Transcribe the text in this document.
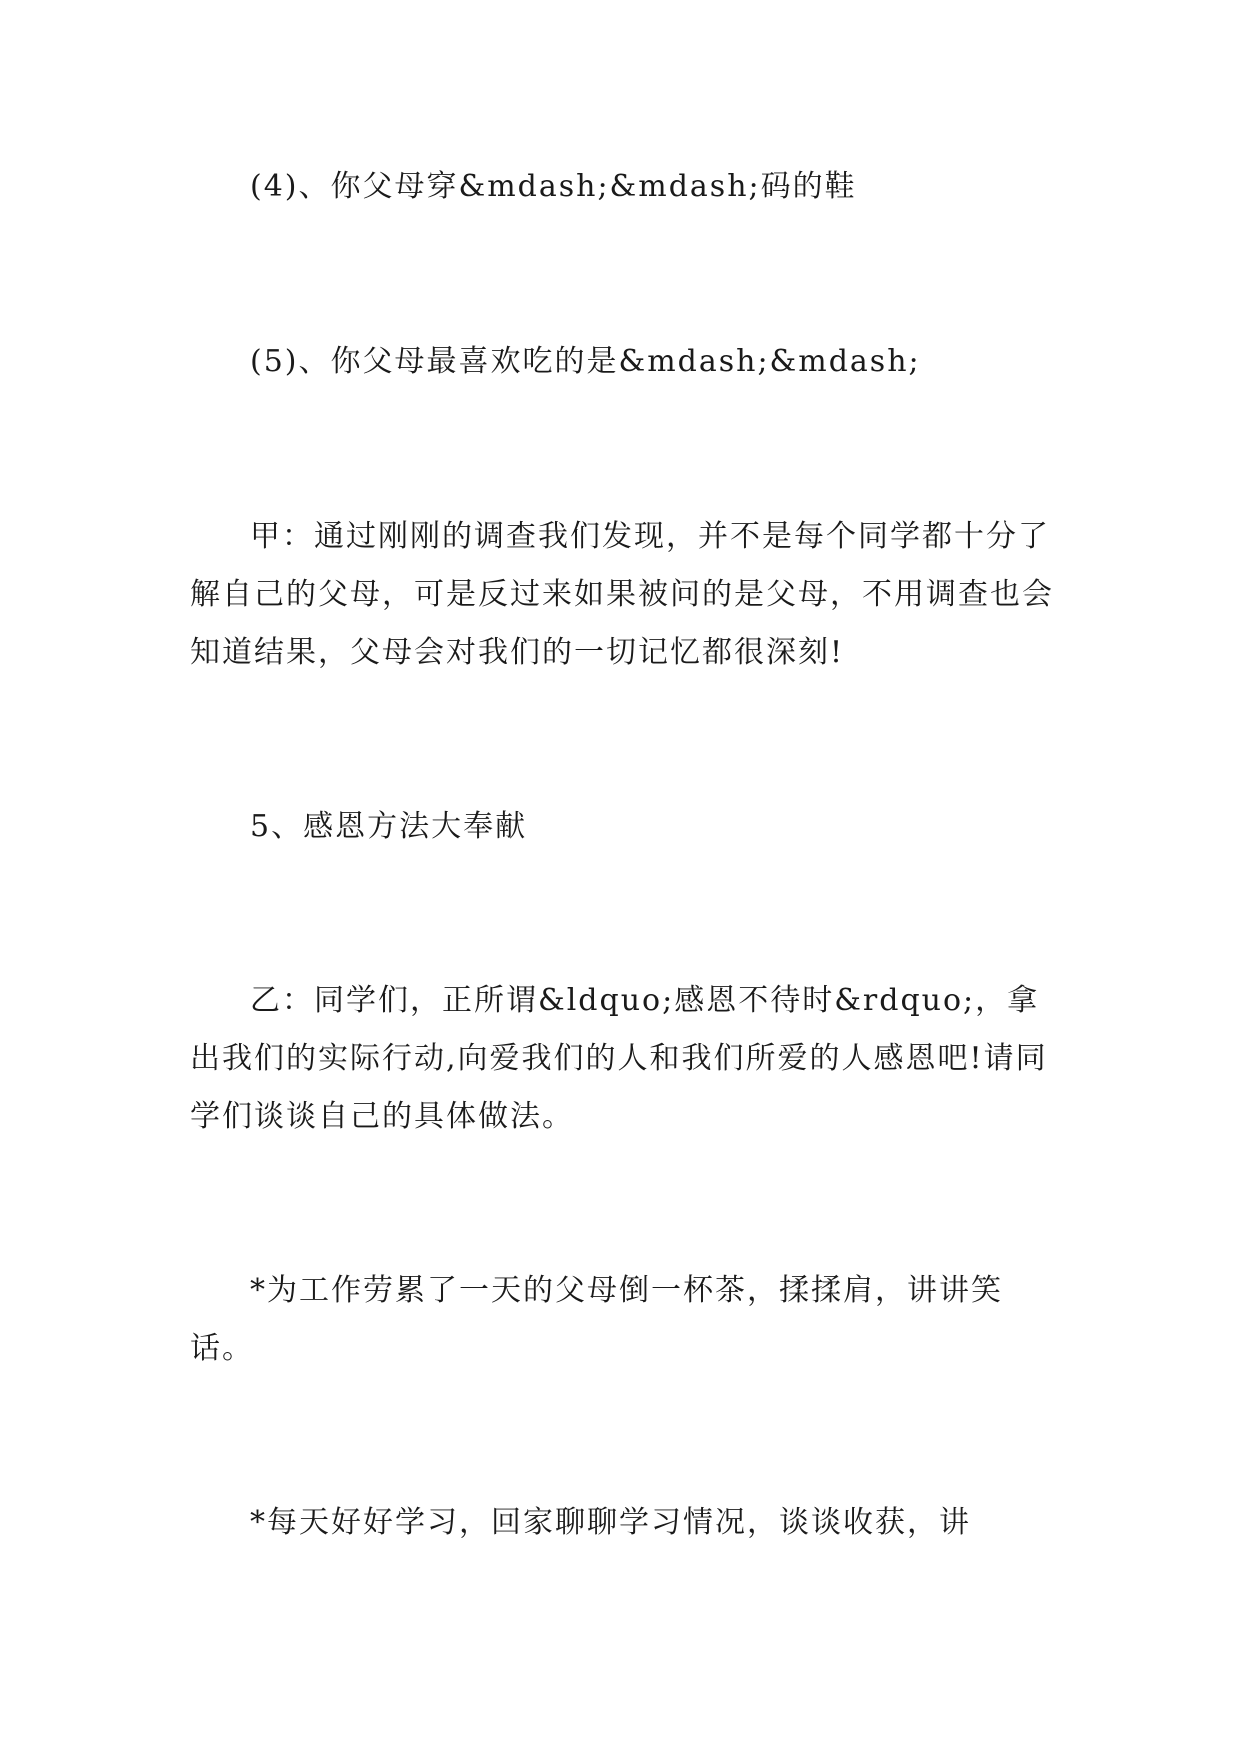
(4)、你父母穿&mdash;&mdash;码的鞋

(5)、你父母最喜欢吃的是&mdash;&mdash;

甲：通过刚刚的调查我们发现，并不是每个同学都十分了解自己的父母，可是反过来如果被问的是父母，不用调查也会知道结果，父母会对我们的一切记忆都很深刻!

5、感恩方法大奉献

乙：同学们，正所谓&ldquo;感恩不待时&rdquo;，拿出我们的实际行动,向爱我们的人和我们所爱的人感恩吧!请同学们谈谈自己的具体做法。

*为工作劳累了一天的父母倒一杯茶，揉揉肩，讲讲笑话。

*每天好好学习，回家聊聊学习情况，谈谈收获，讲
